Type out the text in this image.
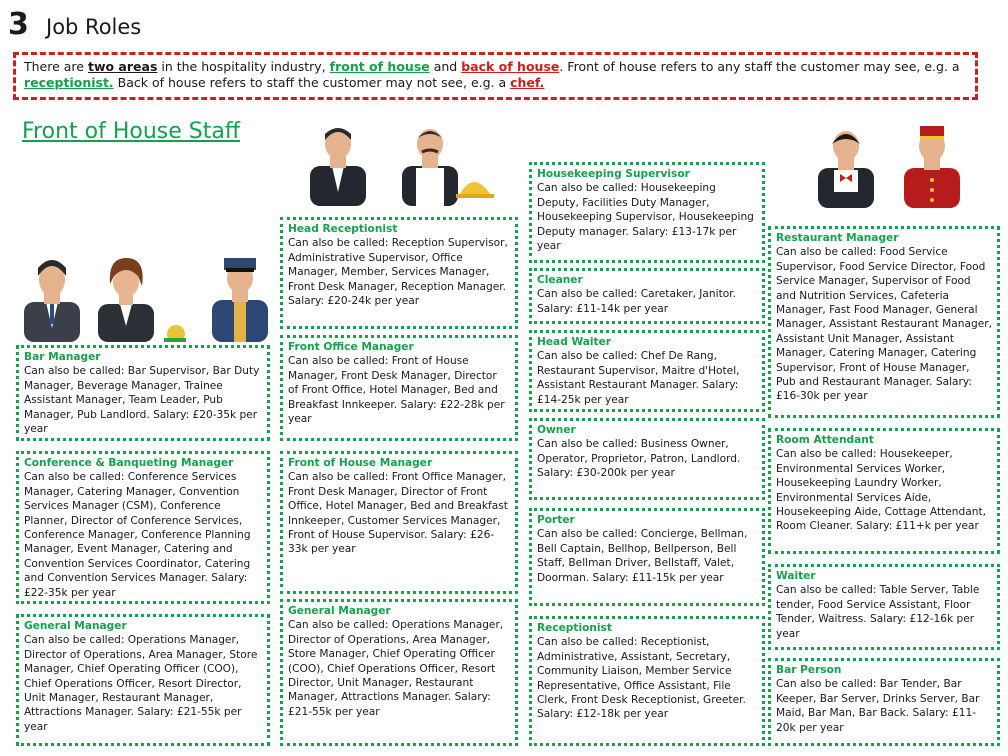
3 Job Roles
There are two areas in the hospitality industry, front of house and back of house. Front of house refers to any staff the customer may see, e.g. a receptionist. Back of house refers to staff the customer may not see, e.g. a chef.
Front of House Staff
Bar Manager
Can also be called: Bar Supervisor, Bar Duty Manager, Beverage Manager, Trainee Assistant Manager, Team Leader, Pub Manager, Pub Landlord. Salary: £20-35k per year
Conference & Banqueting Manager
Can also be called: Conference Services Manager, Catering Manager, Convention Services Manager (CSM), Conference Planner, Director of Conference Services, Conference Manager, Conference Planning Manager, Event Manager, Catering and Convention Services Coordinator, Catering and Convention Services Manager. Salary: £22-35k per year
General Manager
Can also be called: Operations Manager, Director of Operations, Area Manager, Store Manager, Chief Operating Officer (COO), Chief Operations Officer, Resort Director, Unit Manager, Restaurant Manager, Attractions Manager. Salary: £21-55k per year
Head Receptionist
Can also be called: Reception Supervisor, Administrative Supervisor, Office Manager, Member, Services Manager, Front Desk Manager, Reception Manager. Salary: £20-24k per year
Front Office Manager
Can also be called: Front of House Manager, Front Desk Manager, Director of Front Office, Hotel Manager, Bed and Breakfast Innkeeper. Salary: £22-28k per year
Front of House Manager
Can also be called: Front Office Manager, Front Desk Manager, Director of Front Office, Hotel Manager, Bed and Breakfast Innkeeper, Customer Services Manager, Front of House Supervisor. Salary: £26-33k per year
General Manager
Can also be called: Operations Manager, Director of Operations, Area Manager, Store Manager, Chief Operating Officer (COO), Chief Operations Officer, Resort Director, Unit Manager, Restaurant Manager, Attractions Manager. Salary: £21-55k per year
Housekeeping Supervisor
Can also be called: Housekeeping Deputy, Facilities Duty Manager, Housekeeping Supervisor, Housekeeping Deputy manager. Salary: £13-17k per year
Cleaner
Can also be called: Caretaker, Janitor. Salary: £11-14k per year
Head Waiter
Can also be called: Chef De Rang, Restaurant Supervisor, Maitre d'Hotel, Assistant Restaurant Manager. Salary: £14-25k per year
Owner
Can also be called: Business Owner, Operator, Proprietor, Patron, Landlord. Salary: £30-200k per year
Porter
Can also be called: Concierge, Bellman, Bell Captain, Bellhop, Bellperson, Bell Staff, Bellman Driver, Bellstaff, Valet, Doorman. Salary: £11-15k per year
Receptionist
Can also be called: Receptionist, Administrative, Assistant, Secretary, Community Liaison, Member Service Representative, Office Assistant, File Clerk, Front Desk Receptionist, Greeter. Salary: £12-18k per year
Restaurant Manager
Can also be called: Food Service Supervisor, Food Service Director, Food Service Manager, Supervisor of Food and Nutrition Services, Cafeteria Manager, Fast Food Manager, General Manager, Assistant Restaurant Manager, Assistant Unit Manager, Assistant Manager, Catering Manager, Catering Supervisor, Front of House Manager, Pub and Restaurant Manager. Salary: £16-30k per year
Room Attendant
Can also be called: Housekeeper, Environmental Services Worker, Housekeeping Laundry Worker, Environmental Services Aide, Housekeeping Aide, Cottage Attendant, Room Cleaner. Salary: £11+k per year
Waiter
Can also be called: Table Server, Table tender, Food Service Assistant, Floor Tender, Waitress. Salary: £12-16k per year
Bar Person
Can also be called: Bar Tender, Bar Keeper, Bar Server, Drinks Server, Bar Maid, Bar Man, Bar Back. Salary: £11-20k per year
